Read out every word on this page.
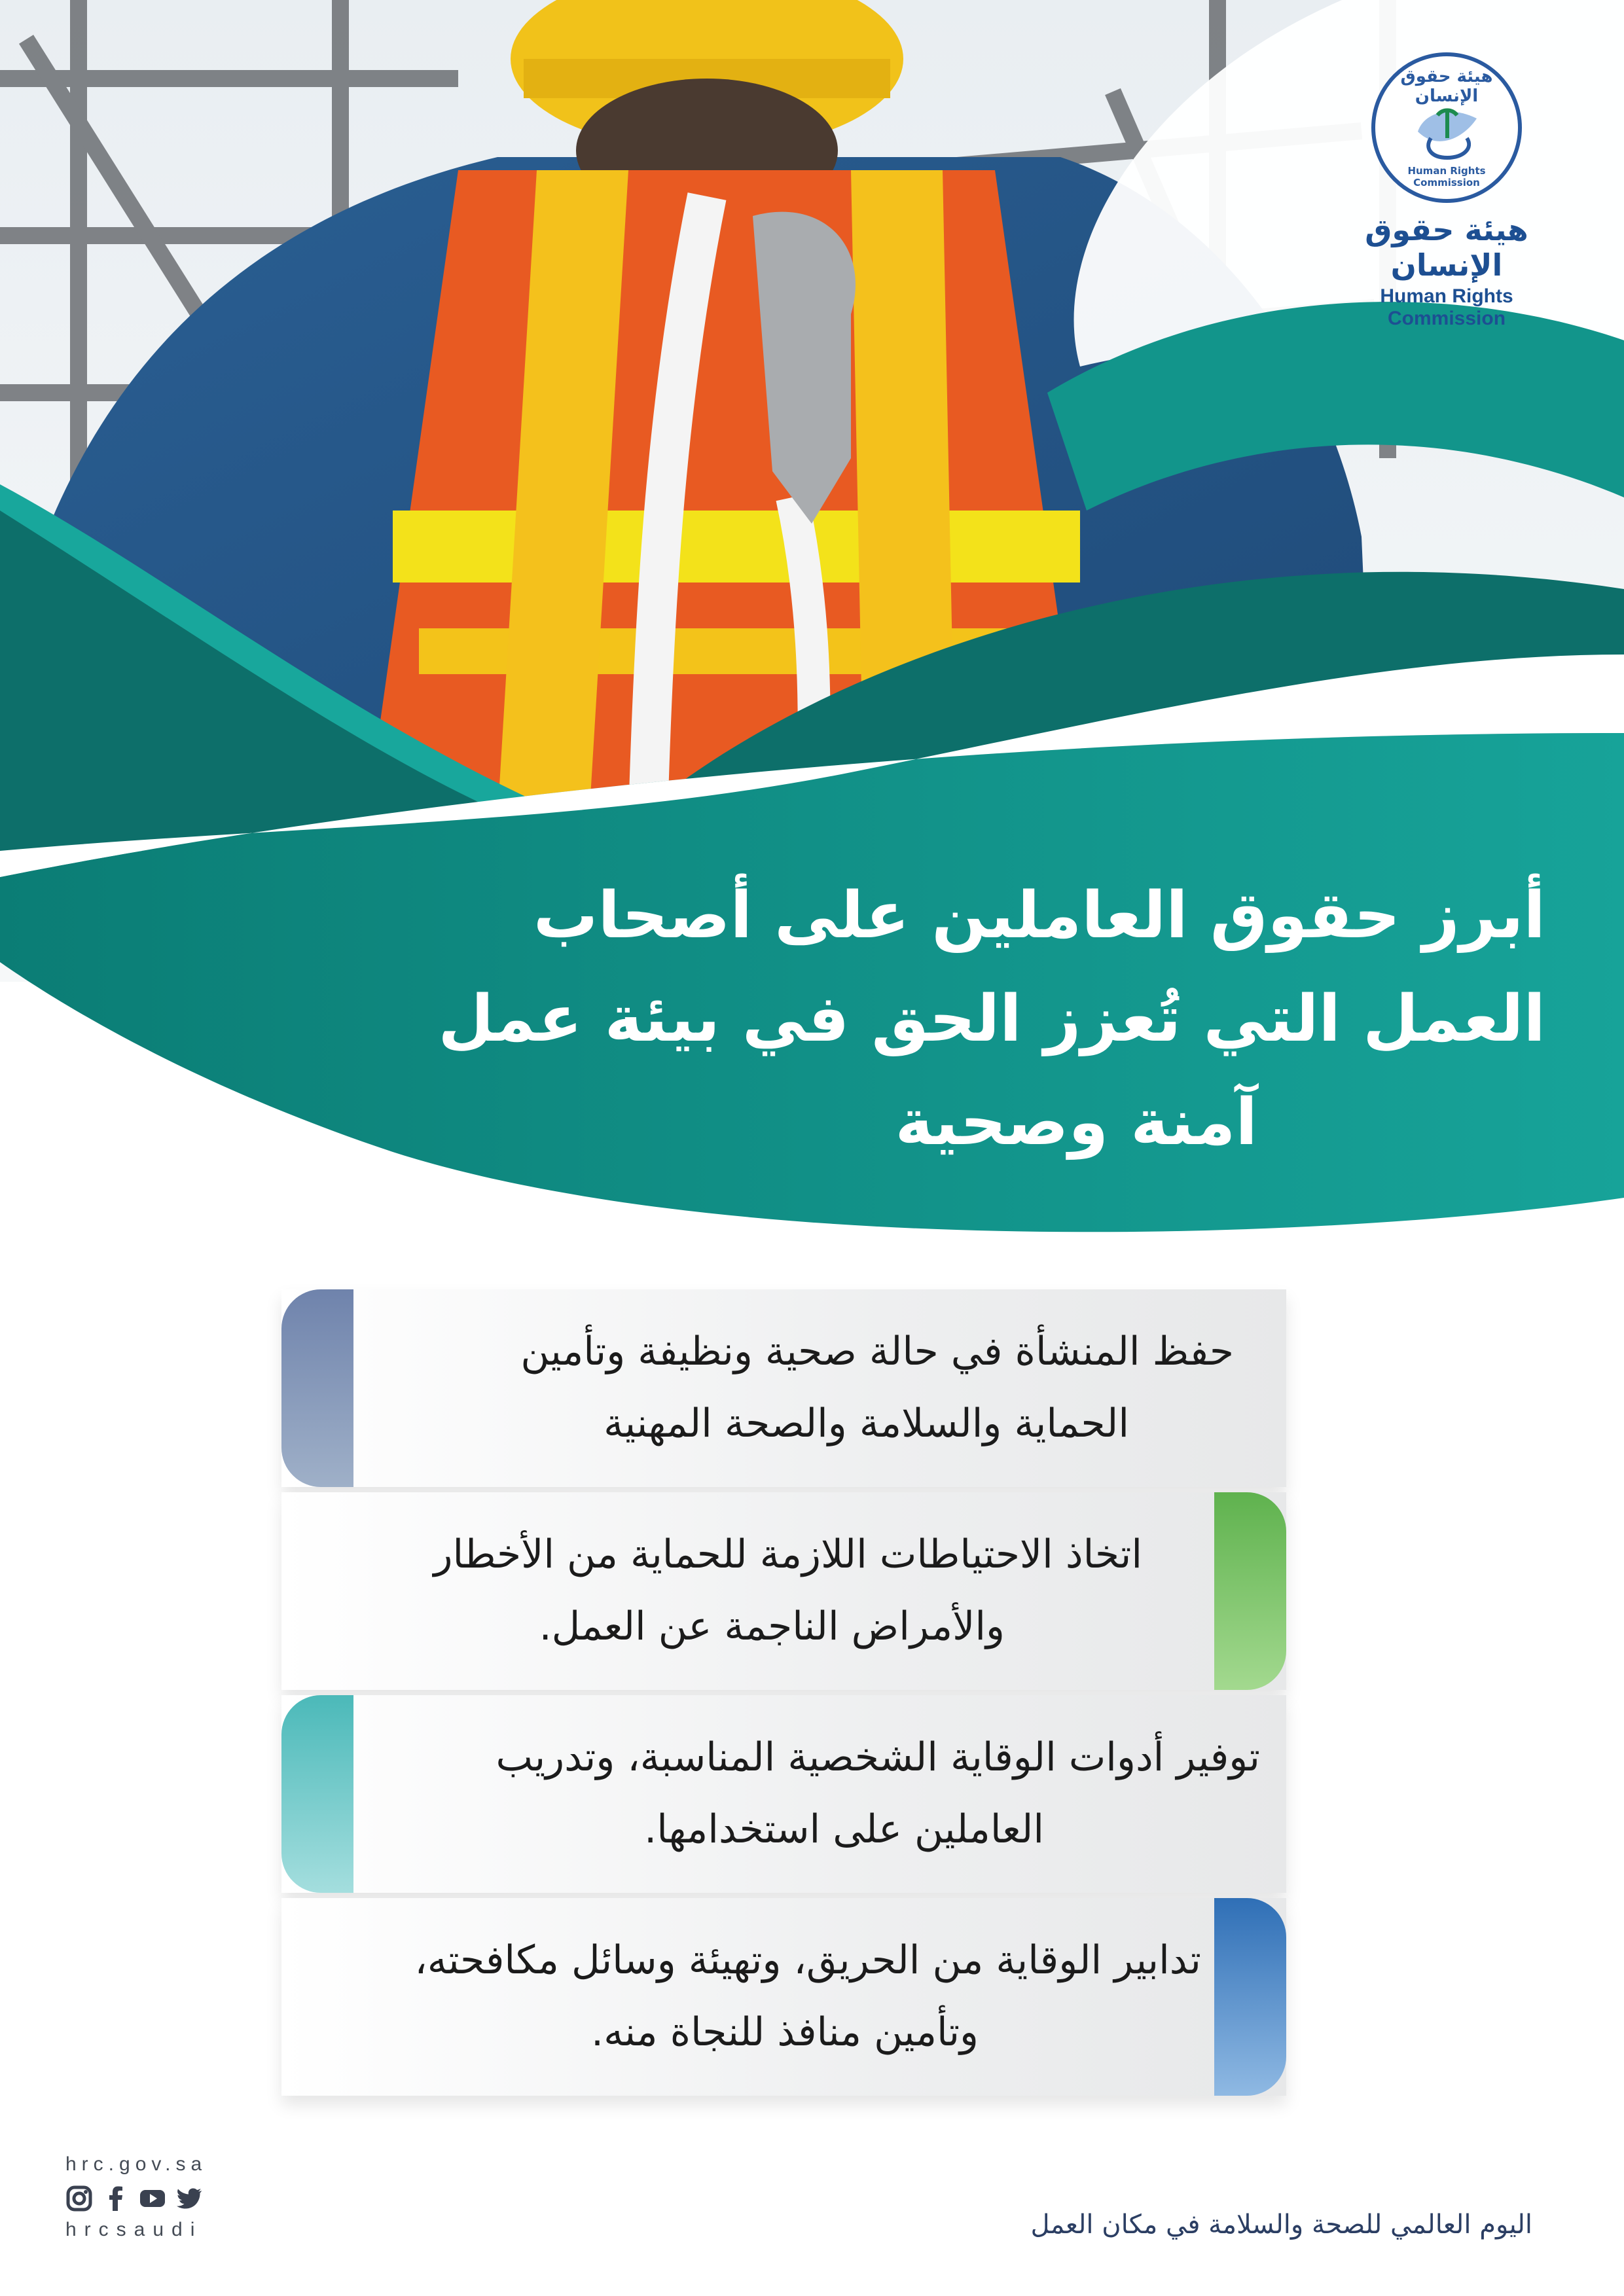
هيئة حقوق الإنسان
Human Rights Commission
هيئة حقوق الإنسان
Human Rights Commission
أبرز حقوق العاملين على أصحاب
العمل التي تُعزز الحق في بيئة عمل
آمنة وصحية
حفظ المنشأة في حالة صحية ونظيفة وتأمين
الحماية والسلامة والصحة المهنية
اتخاذ الاحتياطات اللازمة للحماية من الأخطار
والأمراض الناجمة عن العمل.
توفير أدوات الوقاية الشخصية المناسبة، وتدريب
العاملين على استخدامها.
تدابير الوقاية من الحريق، وتهيئة وسائل مكافحته،
وتأمين منافذ للنجاة منه.
hrc.gov.sa
hrcsaudi	اليوم العالمي للصحة والسلامة في مكان العمل
